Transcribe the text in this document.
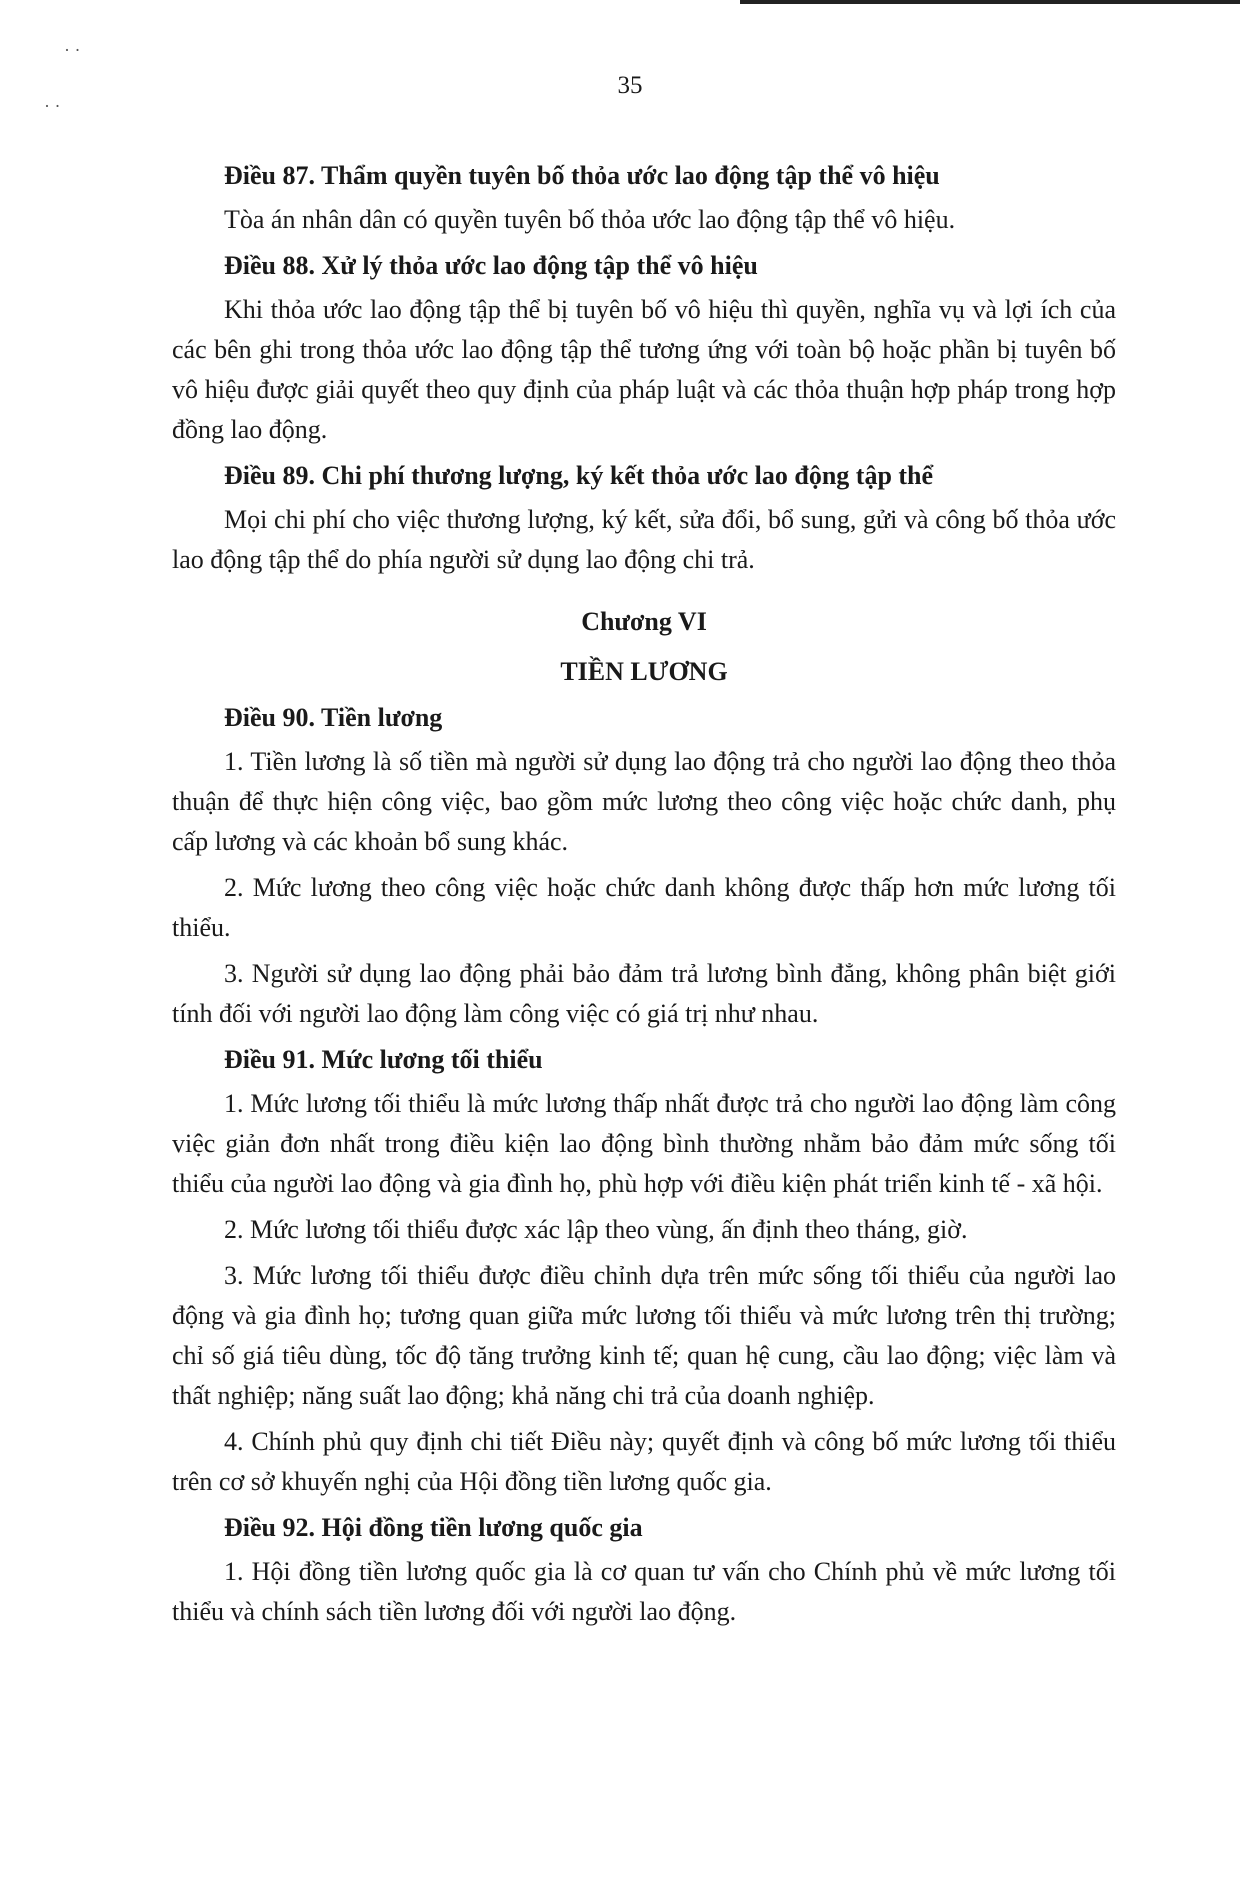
· ·
· ·
35
Điều 87. Thẩm quyền tuyên bố thỏa ước lao động tập thể vô hiệu

Tòa án nhân dân có quyền tuyên bố thỏa ước lao động tập thể vô hiệu.

Điều 88. Xử lý thỏa ước lao động tập thể vô hiệu

Khi thỏa ước lao động tập thể bị tuyên bố vô hiệu thì quyền, nghĩa vụ và lợi ích của các bên ghi trong thỏa ước lao động tập thể tương ứng với toàn bộ hoặc phần bị tuyên bố vô hiệu được giải quyết theo quy định của pháp luật và các thỏa thuận hợp pháp trong hợp đồng lao động.

Điều 89. Chi phí thương lượng, ký kết thỏa ước lao động tập thể

Mọi chi phí cho việc thương lượng, ký kết, sửa đổi, bổ sung, gửi và công bố thỏa ước lao động tập thể do phía người sử dụng lao động chi trả.

Chương VI
TIỀN LƯƠNG
Điều 90. Tiền lương

1. Tiền lương là số tiền mà người sử dụng lao động trả cho người lao động theo thỏa thuận để thực hiện công việc, bao gồm mức lương theo công việc hoặc chức danh, phụ cấp lương và các khoản bổ sung khác.

2. Mức lương theo công việc hoặc chức danh không được thấp hơn mức lương tối thiểu.

3. Người sử dụng lao động phải bảo đảm trả lương bình đẳng, không phân biệt giới tính đối với người lao động làm công việc có giá trị như nhau.

Điều 91. Mức lương tối thiểu

1. Mức lương tối thiểu là mức lương thấp nhất được trả cho người lao động làm công việc giản đơn nhất trong điều kiện lao động bình thường nhằm bảo đảm mức sống tối thiểu của người lao động và gia đình họ, phù hợp với điều kiện phát triển kinh tế - xã hội.

2. Mức lương tối thiểu được xác lập theo vùng, ấn định theo tháng, giờ.

3. Mức lương tối thiểu được điều chỉnh dựa trên mức sống tối thiểu của người lao động và gia đình họ; tương quan giữa mức lương tối thiểu và mức lương trên thị trường; chỉ số giá tiêu dùng, tốc độ tăng trưởng kinh tế; quan hệ cung, cầu lao động; việc làm và thất nghiệp; năng suất lao động; khả năng chi trả của doanh nghiệp.

4. Chính phủ quy định chi tiết Điều này; quyết định và công bố mức lương tối thiểu trên cơ sở khuyến nghị của Hội đồng tiền lương quốc gia.

Điều 92. Hội đồng tiền lương quốc gia

1. Hội đồng tiền lương quốc gia là cơ quan tư vấn cho Chính phủ về mức lương tối thiểu và chính sách tiền lương đối với người lao động.
